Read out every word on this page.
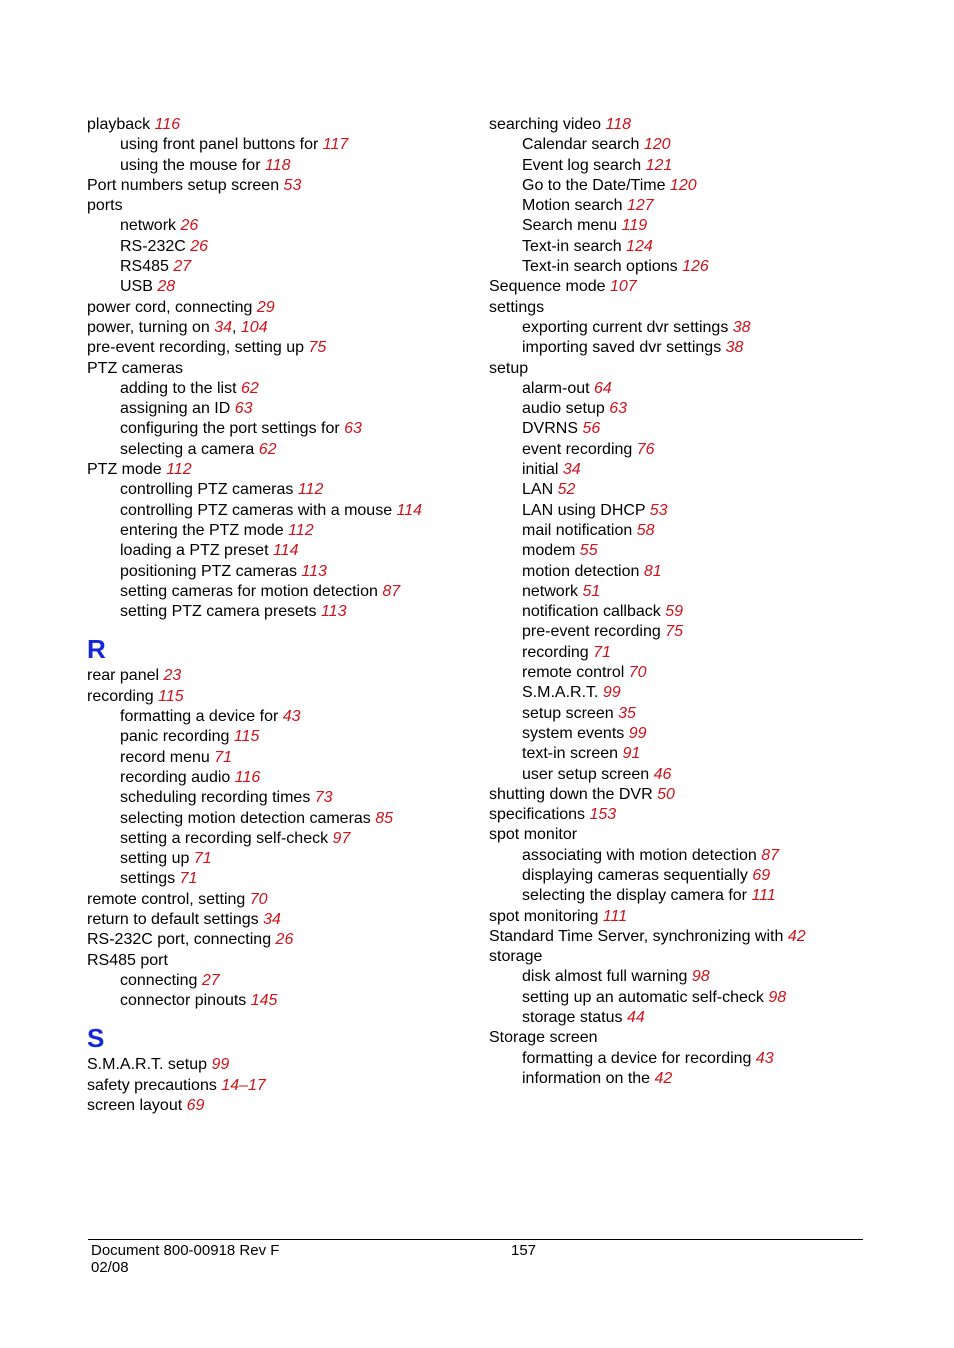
playback 116
using front panel buttons for 117
using the mouse for 118
Port numbers setup screen 53
ports
network 26
RS-232C 26
RS485 27
USB 28
power cord, connecting 29
power, turning on 34, 104
pre-event recording, setting up 75
PTZ cameras
adding to the list 62
assigning an ID 63
configuring the port settings for 63
selecting a camera 62
PTZ mode 112
controlling PTZ cameras 112
controlling PTZ cameras with a mouse 114
entering the PTZ mode 112
loading a PTZ preset 114
positioning PTZ cameras 113
setting cameras for motion detection 87
setting PTZ camera presets 113
R
rear panel 23
recording 115
formatting a device for 43
panic recording 115
record menu 71
recording audio 116
scheduling recording times 73
selecting motion detection cameras 85
setting a recording self-check 97
setting up 71
settings 71
remote control, setting 70
return to default settings 34
RS-232C port, connecting 26
RS485 port
connecting 27
connector pinouts 145
S
S.M.A.R.T. setup 99
safety precautions 14–17
screen layout 69
searching video 118
Calendar search 120
Event log search 121
Go to the Date/Time 120
Motion search 127
Search menu 119
Text-in search 124
Text-in search options 126
Sequence mode 107
settings
exporting current dvr settings 38
importing saved dvr settings 38
setup
alarm-out 64
audio setup 63
DVRNS 56
event recording 76
initial 34
LAN 52
LAN using DHCP 53
mail notification 58
modem 55
motion detection 81
network 51
notification callback 59
pre-event recording 75
recording 71
remote control 70
S.M.A.R.T. 99
setup screen 35
system events 99
text-in screen 91
user setup screen 46
shutting down the DVR 50
specifications 153
spot monitor
associating with motion detection 87
displaying cameras sequentially 69
selecting the display camera for 111
spot monitoring 111
Standard Time Server, synchronizing with 42
storage
disk almost full warning 98
setting up an automatic self-check 98
storage status 44
Storage screen
formatting a device for recording 43
information on the 42
Document 800-00918 Rev F
02/08
157
